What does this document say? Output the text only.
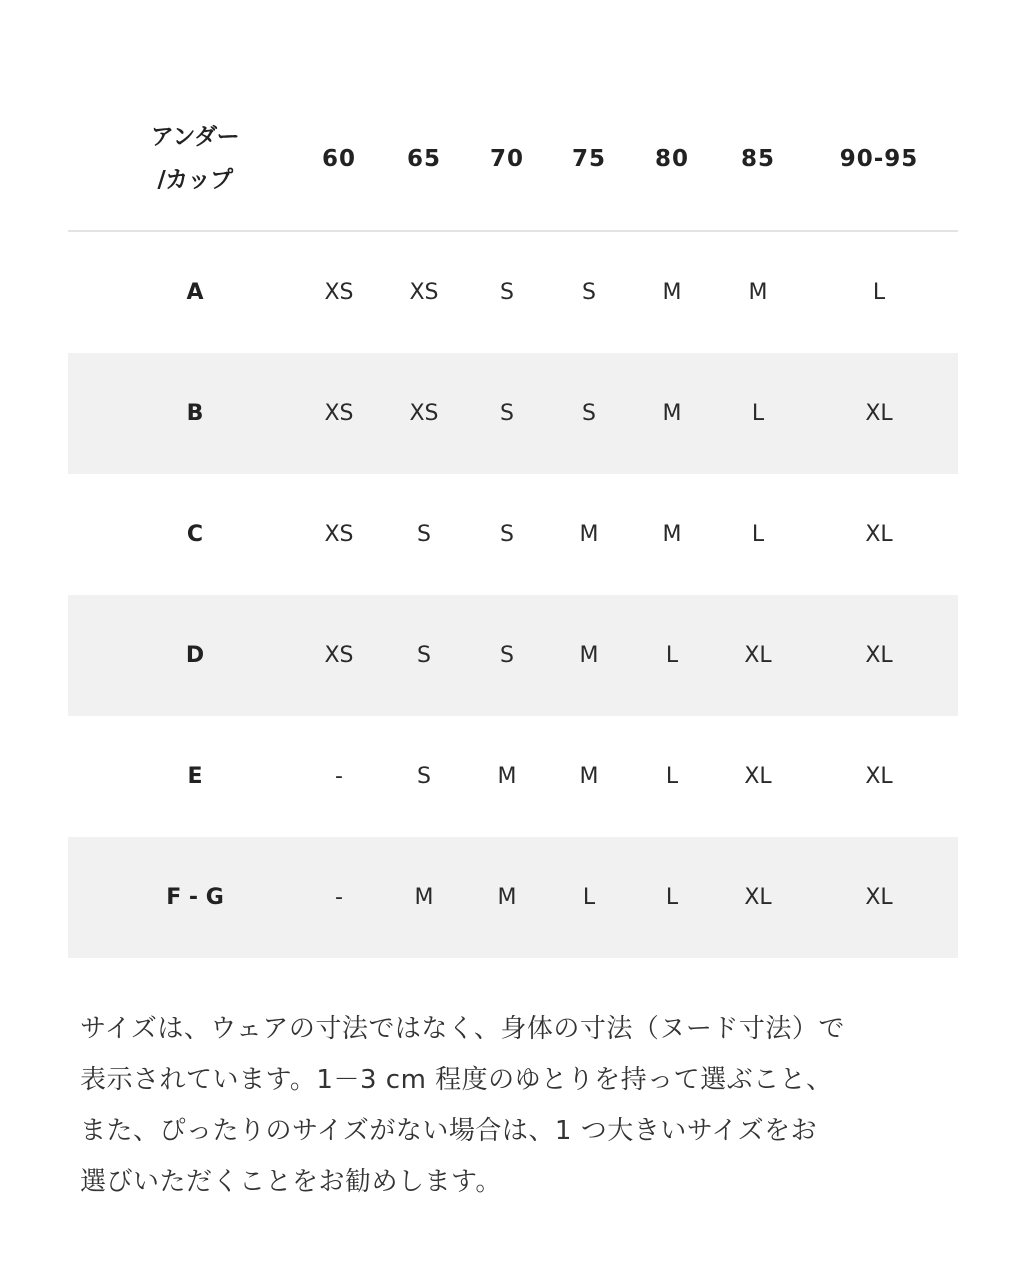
アンダー
/カップ
60	65	70	75	80	85	90-95
A	XS	XS	S	S	M	M	L
B	XS	XS	S	S	M	L	XL
C	XS	S	S	M	M	L	XL
D	XS	S	S	M	L	XL	XL
E	-	S	M	M	L	XL	XL
F - G	-	M	M	L	L	XL	XL
サイズは、ウェアの寸法ではなく、身体の寸法（ヌード寸法）で
表示されています。1－3 cm 程度のゆとりを持って選ぶこと、
また、ぴったりのサイズがない場合は、1 つ大きいサイズをお
選びいただくことをお勧めします。
